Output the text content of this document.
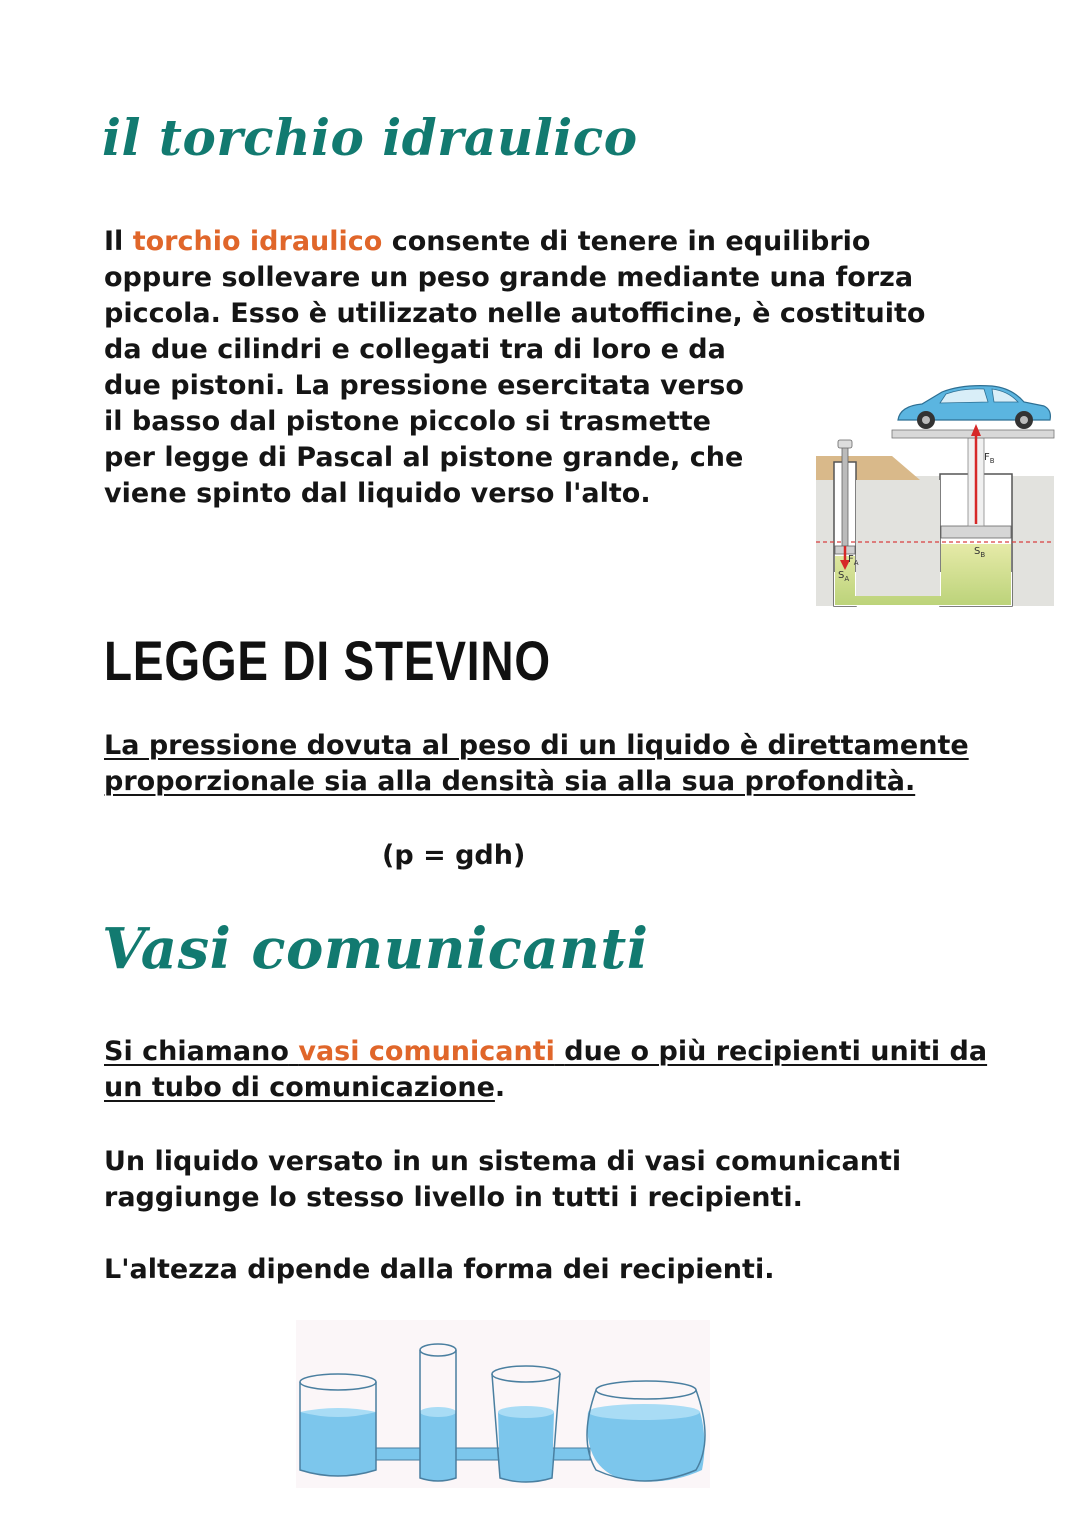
il torchio idraulico
Il torchio idraulico consente di tenere in equilibrio
oppure sollevare un peso grande mediante una forza
piccola. Esso è utilizzato nelle autofficine, è costituito
da due cilindri e collegati tra di loro e da
due pistoni. La pressione esercitata verso
il basso dal pistone piccolo si trasmette
per legge di Pascal al pistone grande, che
viene spinto dal liquido verso l'alto.
$F_B$
$S_B$
$F_A$
$S_A$
LEGGE DI STEVINO
La pressione dovuta al peso di un liquido è direttamente
proporzionale sia alla densità sia alla sua profondità.
(p = gdh)
Vasi comunicanti
Si chiamano vasi comunicanti due o più recipienti uniti da
un tubo di comunicazione.
Un liquido versato in un sistema di vasi comunicanti
raggiunge lo stesso livello in tutti i recipienti.
L'altezza dipende dalla forma dei recipienti.
